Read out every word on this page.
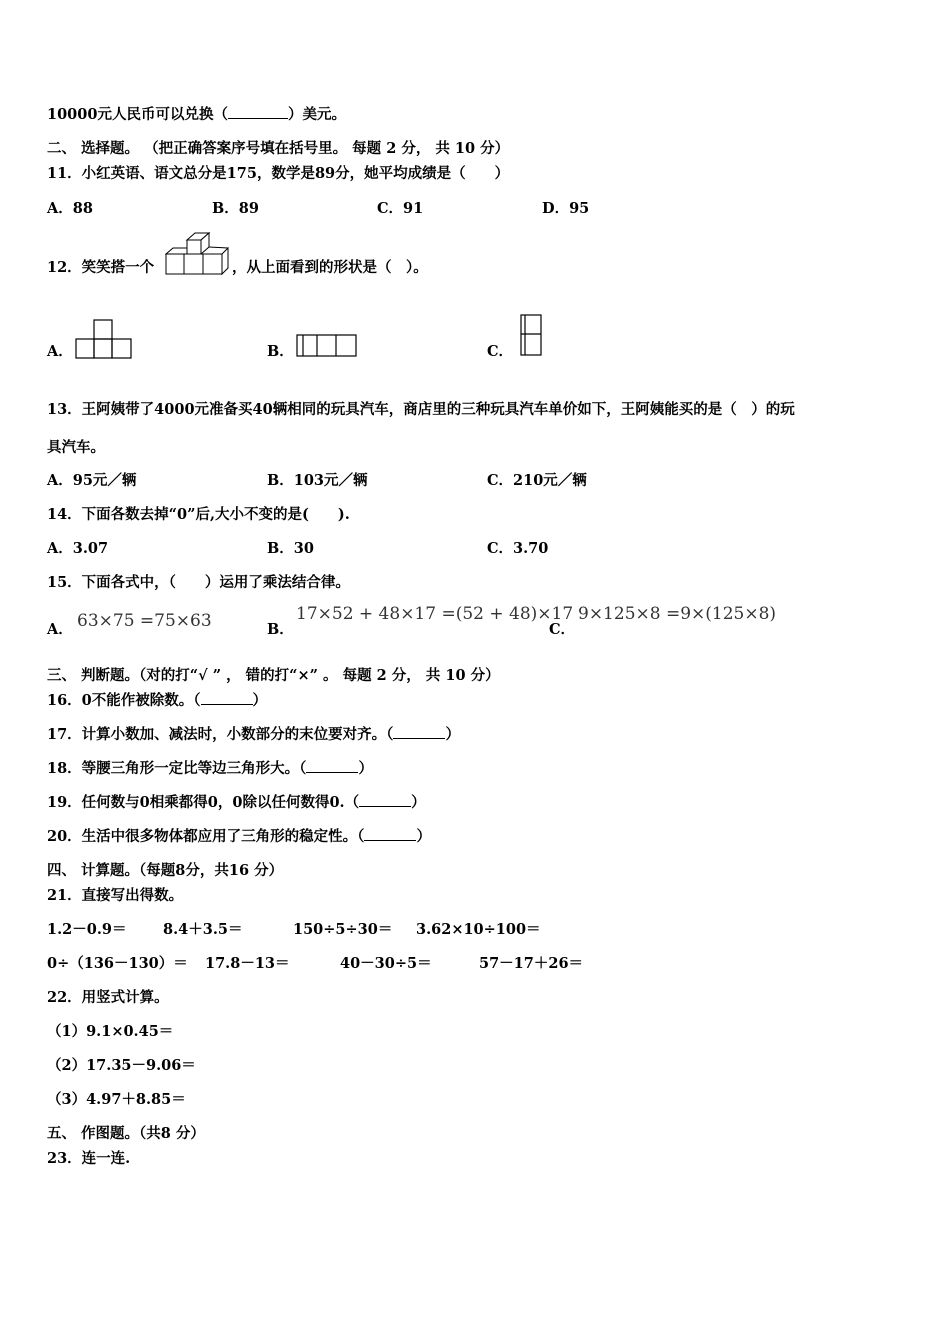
10000元人民币可以兑换（	）美元。
二、 选择题。 （把正确答案序号填在括号里。 每题 2 分， 共 10 分）
11．小红英语、语文总分是175，数学是89分，她平均成绩是（　　）
A．88	B．89	C．91	D．95
12．笑笑搭一个	，从上面看到的形状是（　）。
A．	B．	C．
13．王阿姨带了4000元准备买40辆相同的玩具汽车，商店里的三种玩具汽车单价如下，王阿姨能买的是（　）的玩
具汽车。
A．95元／辆	B．103元／辆	C．210元／辆
14．下面各数去掉“0”后,大小不变的是(　　).
A．3.07	B．30	C．3.70
15．下面各式中，（　　）运用了乘法结合律。
A． 63×75 =75×63	B．
17×52 + 48×17 =(52 + 48)×17
C．
9×125×8 =9×(125×8)
三、 判断题。（对的打“√ ” ， 错的打“×” 。 每题 2 分， 共 10 分）
16．0不能作被除数。（	）
17．计算小数加、减法时，小数部分的末位要对齐。（	）
18．等腰三角形一定比等边三角形大。（	）
19．任何数与0相乘都得0，0除以任何数得0.（	）
20．生活中很多物体都应用了三角形的稳定性。（	）
四、 计算题。（每题8分，共16 分）
21．直接写出得数。
1.2－0.9＝	8.4＋3.5＝	150÷5÷30＝ 3.62×10÷100＝
0÷（136－130）＝ 17.8－13＝	40－30÷5＝	57－17＋26＝
22．用竖式计算。
（1）9.1×0.45＝
（2）17.35－9.06＝
（3）4.97＋8.85＝
五、 作图题。（共8 分）
23．连一连.
